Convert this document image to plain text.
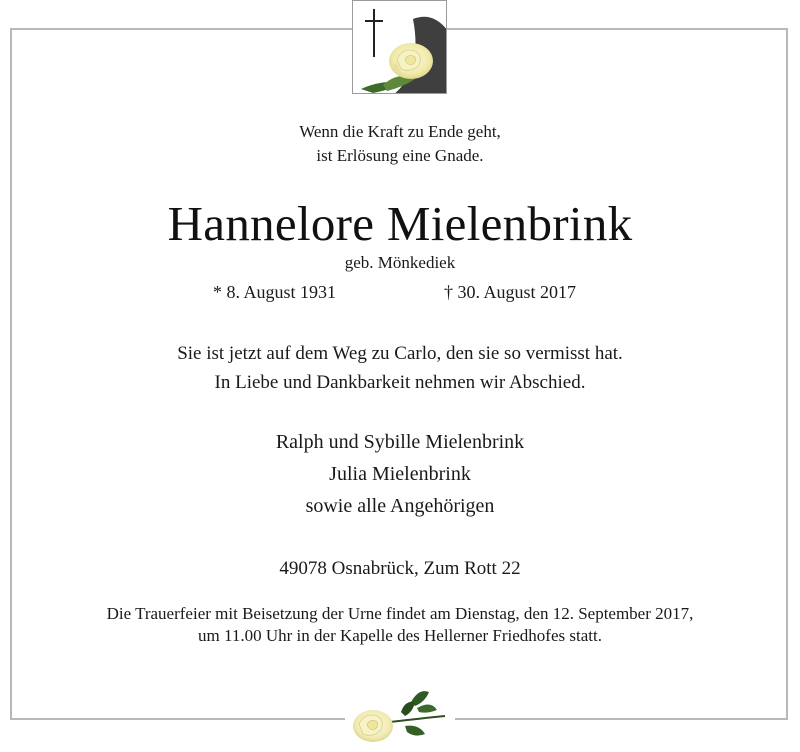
Wenn die Kraft zu Ende geht,
ist Erlösung eine Gnade.
Hannelore Mielenbrink
geb. Mönkediek
* 8. August 1931	† 30. August 2017
Sie ist jetzt auf dem Weg zu Carlo, den sie so vermisst hat.
In Liebe und Dankbarkeit nehmen wir Abschied.
Ralph und Sybille Mielenbrink
Julia Mielenbrink
sowie alle Angehörigen
49078 Osnabrück, Zum Rott 22
Die Trauerfeier mit Beisetzung der Urne findet am Dienstag, den 12. September 2017,
um 11.00 Uhr in der Kapelle des Hellerner Friedhofes statt.
